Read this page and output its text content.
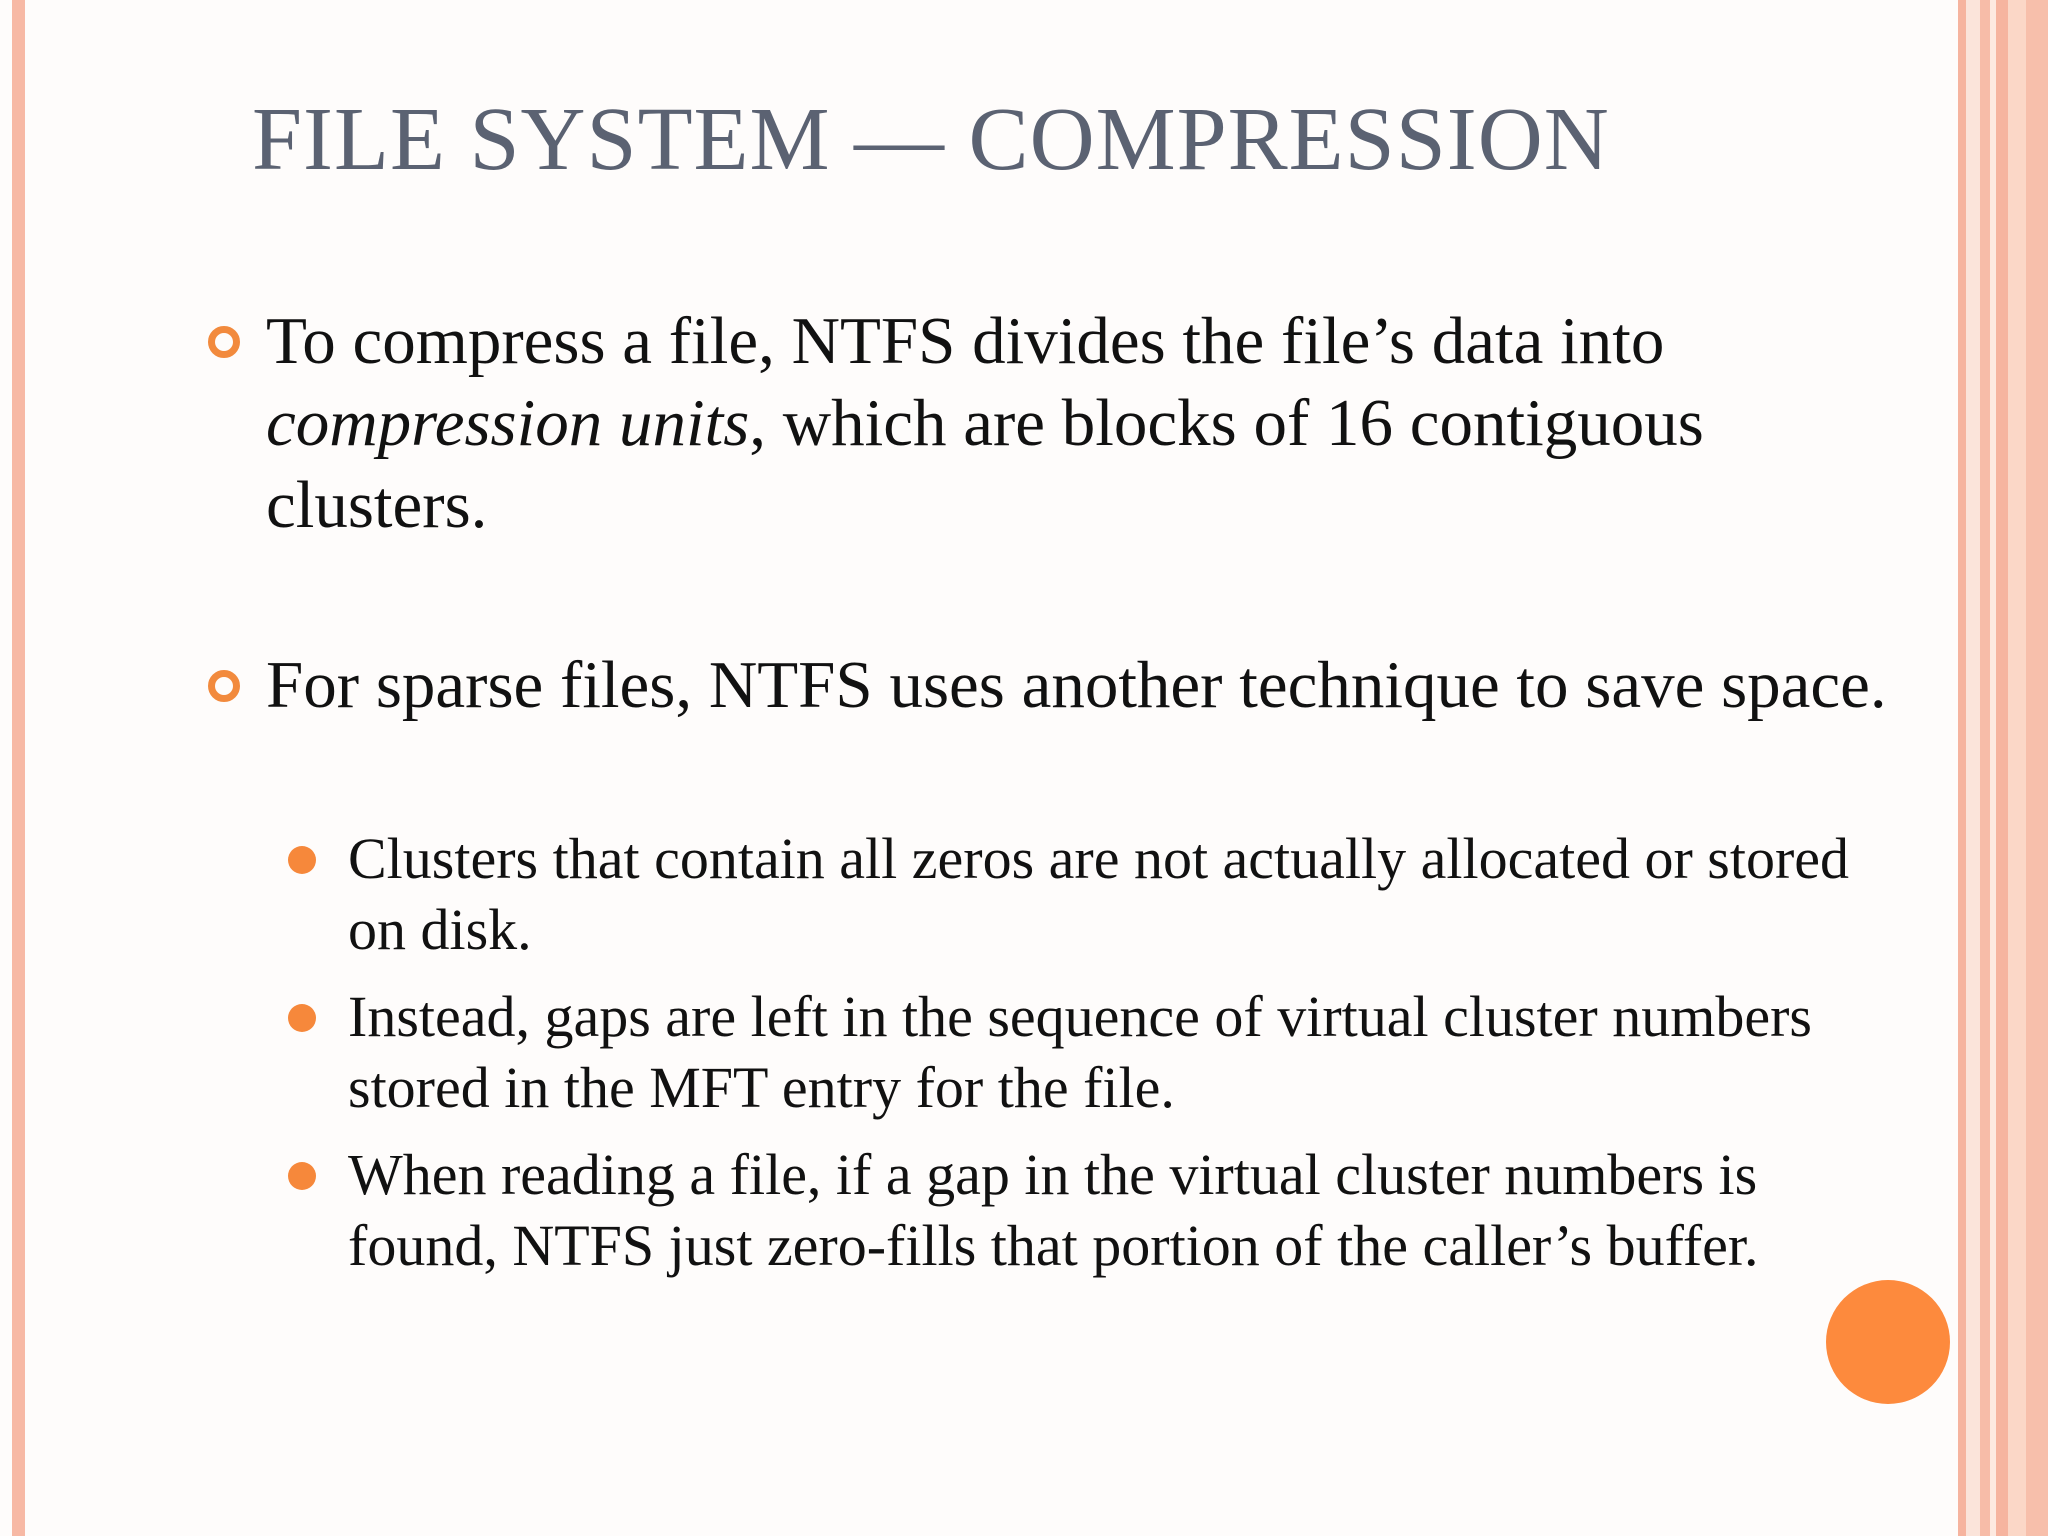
FILE SYSTEM — COMPRESSION
To compress a file, NTFS divides the file’s data into compression units, which are blocks of 16 contiguous clusters.
For sparse files, NTFS uses another technique to save space.
Clusters that contain all zeros are not actually allocated or stored on disk.
Instead, gaps are left in the sequence of virtual cluster numbers stored in the MFT entry for the file.
When reading a file, if a gap in the virtual cluster numbers is found, NTFS just zero-fills that portion of the caller’s buffer.
